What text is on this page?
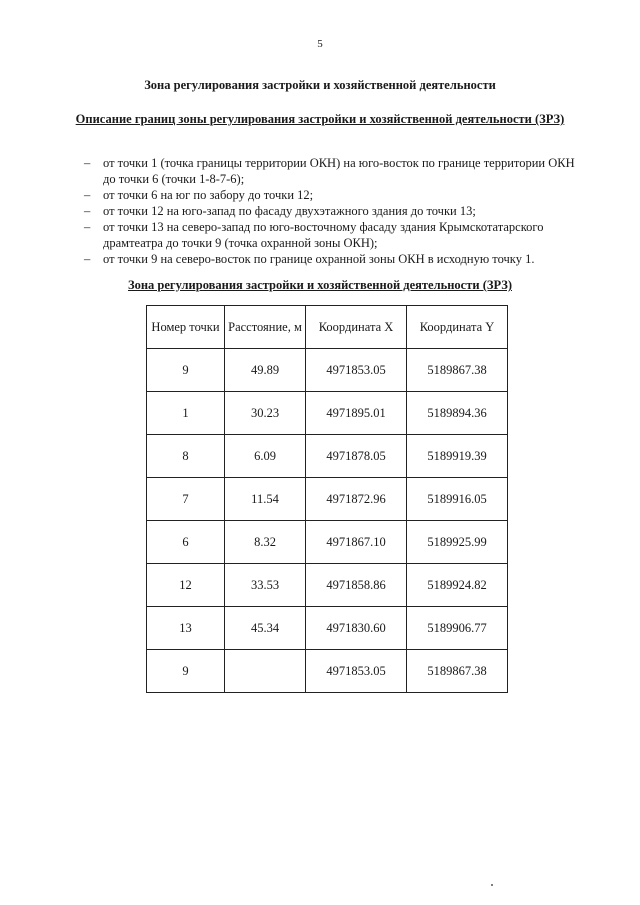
5
Зона регулирования застройки и хозяйственной деятельности
Описание границ зоны регулирования застройки и хозяйственной деятельности (ЗРЗ)
– от точки 1 (точка границы территории ОКН) на юго-восток по границе территории ОКН до точки 6 (точки 1-8-7-6);
– от точки 6 на юг по забору до точки 12;
– от точки 12 на юго-запад по фасаду двухэтажного здания до точки 13;
– от точки 13 на северо-запад по юго-восточному фасаду здания Крымскотатарского драмтеатра до точки 9 (точка охранной зоны ОКН);
– от точки 9 на северо-восток по границе охранной зоны ОКН в исходную точку 1.
Зона регулирования застройки и хозяйственной деятельности (ЗРЗ)
Номер точки	Расстояние, м	Координата X	Координата Y
9	49.89	4971853.05	5189867.38
1	30.23	4971895.01	5189894.36
8	6.09	4971878.05	5189919.39
7	11.54	4971872.96	5189916.05
6	8.32	4971867.10	5189925.99
12	33.53	4971858.86	5189924.82
13	45.34	4971830.60	5189906.77
9		4971853.05	5189867.38
